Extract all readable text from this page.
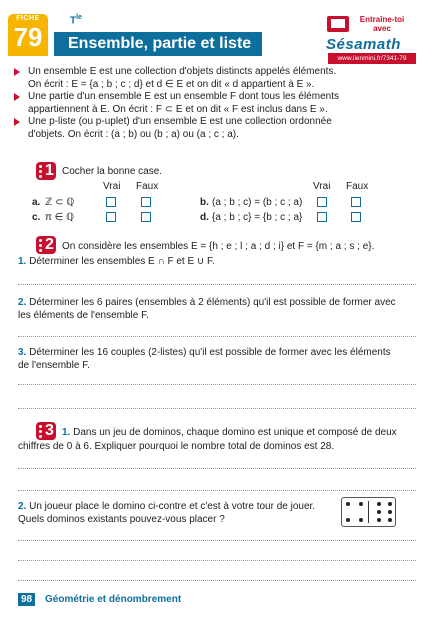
FICHE
79
$T^{le}$
Ensemble, partie et liste
Entraîne-toi avec
Sésamath
www.lienmini.fr/7341-79
Un ensemble E est une collection d'objets distincts appelés éléments.
On écrit : E = {a ; b ; c ; d} et d ∈ E et on dit « d appartient à E ».
Une partie d'un ensemble E est un ensemble F dont tous les éléments
appartiennent à E. On écrit : F ⊂ E et on dit « F est inclus dans E ».
Une p-liste (ou p-uplet) d'un ensemble E est une collection ordonnée
d'objets. On écrit : (a ; b) ou (b ; a) ou (a ; c ; a).
1 Cocher la bonne case.
Vrai Faux	Vrai Faux
a. ℤ ⊂ ℚ	b. (a ; b ; c) = (b ; c ; a)
c. π ∈ ℚ	d. {a ; b ; c} = {b ; c ; a}
2 On considère les ensembles E = {h ; e ; l ; a ; d ; i} et F = {m ; a ; s ; e}.
1. Déterminer les ensembles E ∩ F et E ∪ F.
2. Déterminer les 6 paires (ensembles à 2 éléments) qu'il est possible de former avec
les éléments de l'ensemble F.
3. Déterminer les 16 couples (2-listes) qu'il est possible de former avec les éléments
de l'ensemble F.
3 1. Dans un jeu de dominos, chaque domino est unique et composé de deux
chiffres de 0 à 6. Expliquer pourquoi le nombre total de dominos est 28.
2. Un joueur place le domino ci-contre et c'est à votre tour de jouer.
Quels dominos existants pouvez-vous placer ?
98	Géométrie et dénombrement
